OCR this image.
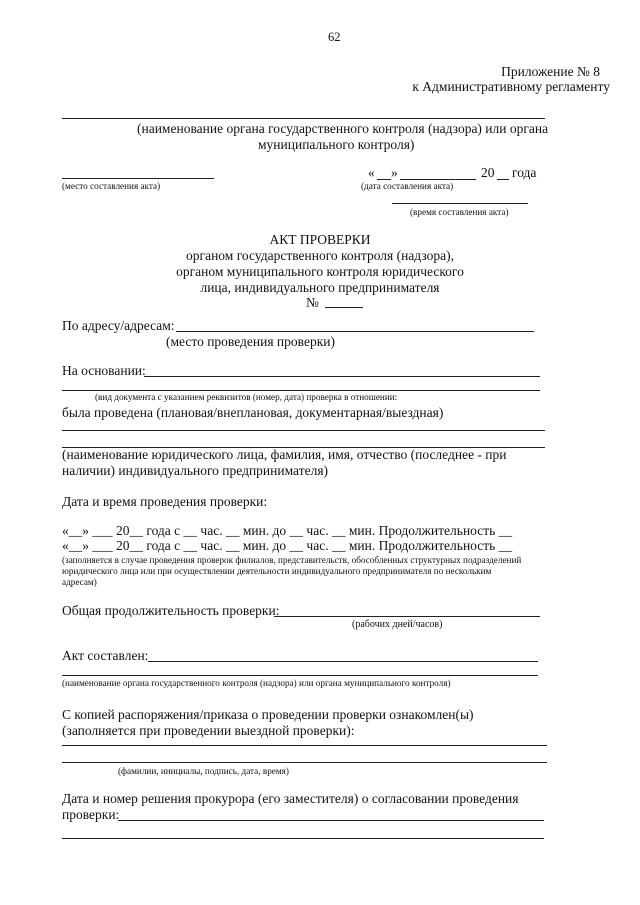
62
Приложение № 8
к Административному регламенту
(наименование органа государственного контроля (надзора) или органа
муниципального контроля)
(место составления акта)
« »	20 года
(дата составления акта)
(время составления акта)
АКТ ПРОВЕРКИ
органом государственного контроля (надзора),
органом муниципального контроля юридического
лица, индивидуального предпринимателя
№
По адресу/адресам:
(место проведения проверки)
На основании:
(вид документа с указанием реквизитов (номер, дата) проверка в отношении:
была проведена (плановая/внеплановая, документарная/выездная)
(наименование юридического лица, фамилия, имя, отчество (последнее - при
наличии) индивидуального предпринимателя)
Дата и время проведения проверки:
«__» ___ 20__ года с __ час. __ мин. до __ час. __ мин. Продолжительность __
«__» ___ 20__ года с __ час. __ мин. до __ час. __ мин. Продолжительность __
(заполняется в случае проведения проверок филиалов, представительств, обособленных структурных подразделений
юридического лица или при осуществлении деятельности индивидуального предпринимателя по нескольким
адресам)
Общая продолжительность проверки:
(рабочих дней/часов)
Акт составлен:
(наименование органа государственного контроля (надзора) или органа муниципального контроля)
С копией распоряжения/приказа о проведении проверки ознакомлен(ы)
(заполняется при проведении выездной проверки):
(фамилии, инициалы, подпись, дата, время)
Дата и номер решения прокурора (его заместителя) о согласовании проведения
проверки:
